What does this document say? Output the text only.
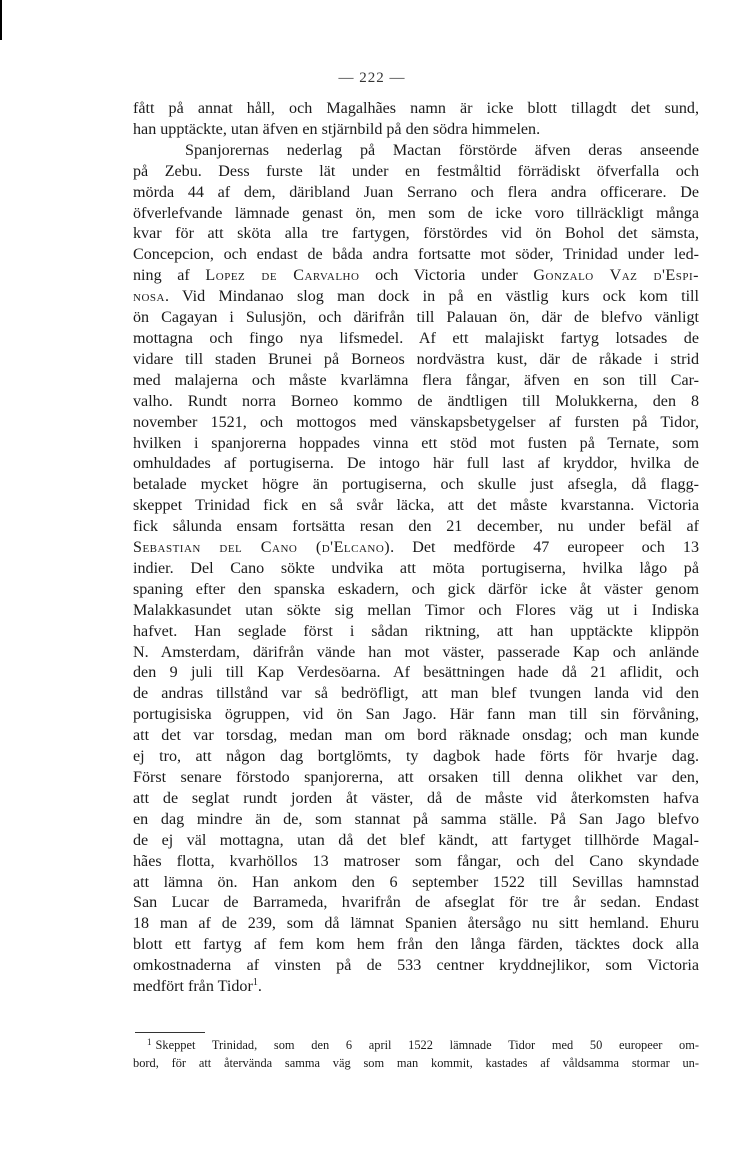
— 222 —
fått på annat håll, och Magalhães namn är icke blott tillagdt det sund,
han upptäckte, utan äfven en stjärnbild på den södra himmelen.
Spanjorernas nederlag på Mactan förstörde äfven deras anseende
på Zebu. Dess furste lät under en festmåltid förrädiskt öfverfalla och
mörda 44 af dem, däribland Juan Serrano och flera andra officerare. De
öfverlefvande lämnade genast ön, men som de icke voro tillräckligt många
kvar för att sköta alla tre fartygen, förstördes vid ön Bohol det sämsta,
Concepcion, och endast de båda andra fortsatte mot söder, Trinidad under led-
ning af Lopez de Carvalho och Victoria under Gonzalo Vaz d'Espi-
nosa. Vid Mindanao slog man dock in på en västlig kurs ock kom till
ön Cagayan i Sulusjön, och därifrån till Palauan ön, där de blefvo vänligt
mottagna och fingo nya lifsmedel. Af ett malajiskt fartyg lotsades de
vidare till staden Brunei på Borneos nordvästra kust, där de råkade i strid
med malajerna och måste kvarlämna flera fångar, äfven en son till Car-
valho. Rundt norra Borneo kommo de ändtligen till Molukkerna, den 8
november 1521, och mottogos med vänskapsbetygelser af fursten på Tidor,
hvilken i spanjorerna hoppades vinna ett stöd mot fusten på Ternate, som
omhuldades af portugiserna. De intogo här full last af kryddor, hvilka de
betalade mycket högre än portugiserna, och skulle just afsegla, då flagg-
skeppet Trinidad fick en så svår läcka, att det måste kvarstanna. Victoria
fick sålunda ensam fortsätta resan den 21 december, nu under befäl af
Sebastian del Cano (d'Elcano). Det medförde 47 europeer och 13
indier. Del Cano sökte undvika att möta portugiserna, hvilka lågo på
spaning efter den spanska eskadern, och gick därför icke åt väster genom
Malakkasundet utan sökte sig mellan Timor och Flores väg ut i Indiska
hafvet. Han seglade först i sådan riktning, att han upptäckte klippön
N. Amsterdam, därifrån vände han mot väster, passerade Kap och anlände
den 9 juli till Kap Verdesöarna. Af besättningen hade då 21 aflidit, och
de andras tillstånd var så bedröfligt, att man blef tvungen landa vid den
portugisiska ögruppen, vid ön San Jago. Här fann man till sin förvåning,
att det var torsdag, medan man om bord räknade onsdag; och man kunde
ej tro, att någon dag bortglömts, ty dagbok hade förts för hvarje dag.
Först senare förstodo spanjorerna, att orsaken till denna olikhet var den,
att de seglat rundt jorden åt väster, då de måste vid återkomsten hafva
en dag mindre än de, som stannat på samma ställe. På San Jago blefvo
de ej väl mottagna, utan då det blef kändt, att fartyget tillhörde Magal-
hães flotta, kvarhöllos 13 matroser som fångar, och del Cano skyndade
att lämna ön. Han ankom den 6 september 1522 till Sevillas hamnstad
San Lucar de Barrameda, hvarifrån de afseglat för tre år sedan. Endast
18 man af de 239, som då lämnat Spanien återsågo nu sitt hemland. Ehuru
blott ett fartyg af fem kom hem från den långa färden, täcktes dock alla
omkostnaderna af vinsten på de 533 centner kryddnejlikor, som Victoria
medfört från Tidor$^1$.
$^1$ Skeppet Trinidad, som den 6 april 1522 lämnade Tidor med 50 europeer om-
bord, för att återvända samma väg som man kommit, kastades af våldsamma stormar un-
